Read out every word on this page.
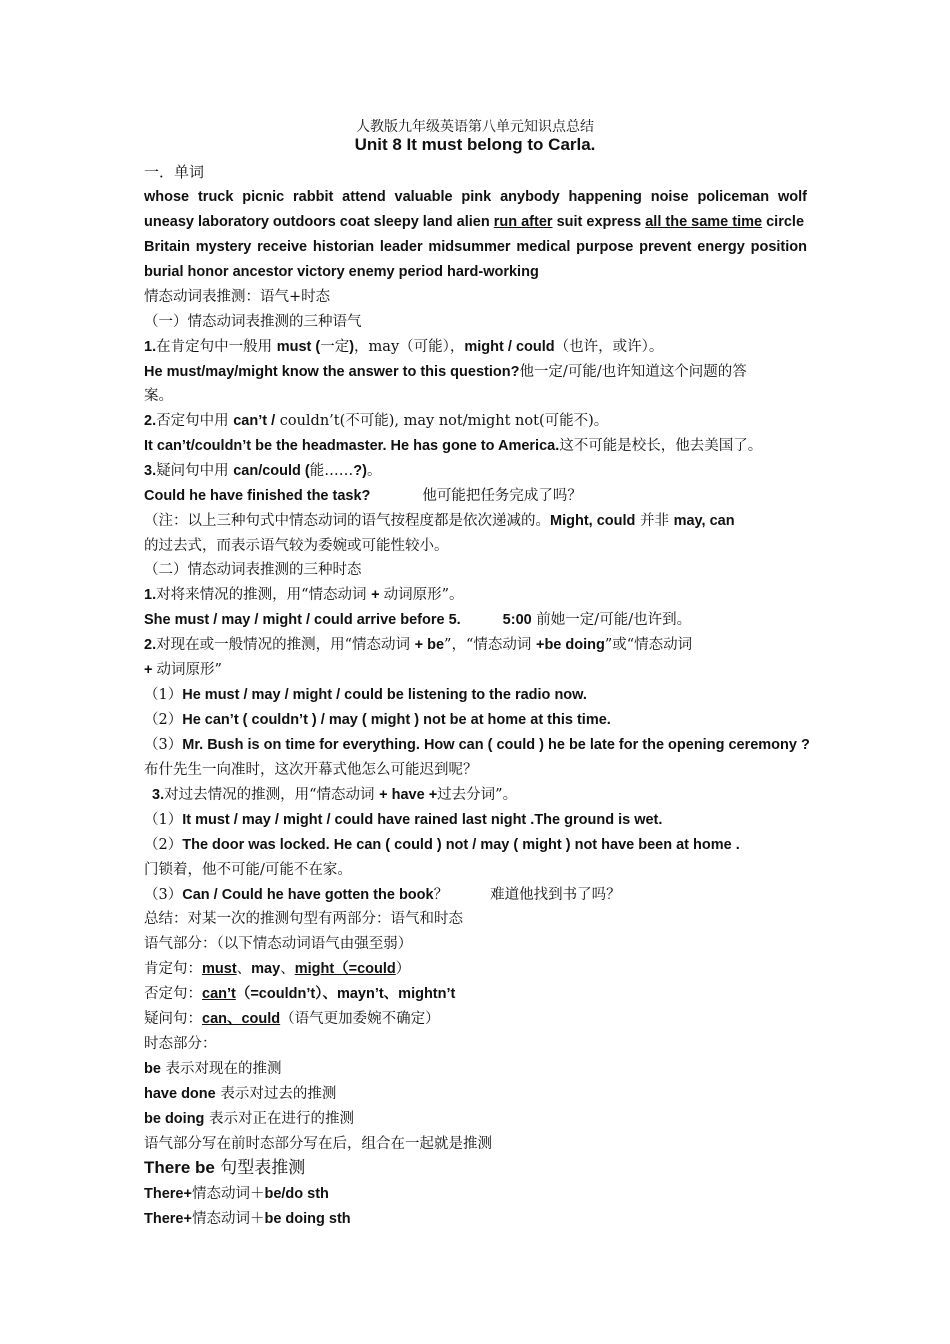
人教版九年级英语第八单元知识点总结
Unit 8 It must belong to Carla.
一．单词
whose truck picnic rabbit attend valuable pink anybody happening noise policeman wolf
uneasy laboratory outdoors coat sleepy land alien run after suit express all the same time circle
Britain mystery receive historian leader midsummer medical purpose prevent energy position
burial honor ancestor victory enemy period hard-working
情态动词表推测：语气+时态
（一）情态动词表推测的三种语气
1.在肯定句中一般用 must (一定)，may（可能），might / could（也许，或许）。
He must/may/might know the answer to this question?他一定/可能/也许知道这个问题的答
案。
2.否定句中用 can’t / couldn’t(不可能), may not/might not(可能不)。
It can’t/couldn’t be the headmaster. He has gone to America.这不可能是校长，他去美国了。
3.疑问句中用 can/could (能……?)。
Could he have finished the task?	他可能把任务完成了吗？
（注：以上三种句式中情态动词的语气按程度都是依次递减的。Might, could 并非 may, can
的过去式，而表示语气较为委婉或可能性较小。
（二）情态动词表推测的三种时态
1.对将来情况的推测，用“情态动词 + 动词原形”。
She must / may / might / could arrive before 5.	5:00 前她一定/可能/也许到。
2.对现在或一般情况的推测，用“情态动词 + be”，“情态动词 +be doing”或“情态动词
+ 动词原形”
（1）He must / may / might / could be listening to the radio now.
（2）He can’t ( couldn’t ) / may ( might ) not be at home at this time.
（3）Mr. Bush is on time for everything. How can ( could ) he be late for the opening ceremony ?
布什先生一向准时，这次开幕式他怎么可能迟到呢？
3.对过去情况的推测，用“情态动词 + have +过去分词”。
（1）It must / may / might / could have rained last night .The ground is wet.
（2）The door was locked. He can ( could ) not / may ( might ) not have been at home .
门锁着，他不可能/可能不在家。
（3）Can / Could he have gotten the book？	难道他找到书了吗？
总结：对某一次的推测句型有两部分：语气和时态
语气部分：（以下情态动词语气由强至弱）
肯定句：must、may、might（=could）
否定句：can’t（=couldn’t）、mayn’t、mightn’t
疑问句：can、could（语气更加委婉不确定）
时态部分：
be 表示对现在的推测
have done 表示对过去的推测
be doing 表示对正在进行的推测
语气部分写在前时态部分写在后，组合在一起就是推测
There be 句型表推测
There+情态动词＋be/do sth
There+情态动词＋be doing sth
